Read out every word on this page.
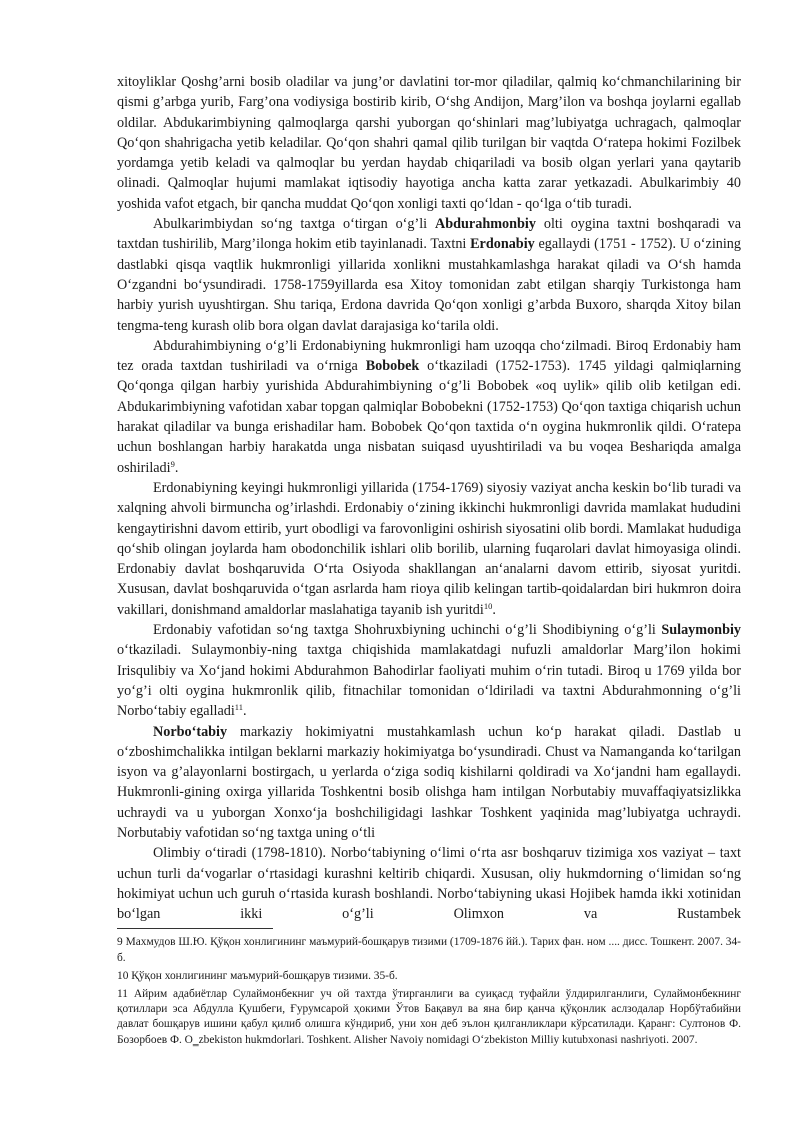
xitoyliklar Qoshg’arni bosib oladilar va jung’or davlatini tor-mor qiladilar, qalmiq ko‘chmanchilarining bir qismi g’arbga yurib, Farg’ona vodiysiga bostirib kirib, O‘shg Andijon, Marg’ilon va boshqa joylarni egallab oldilar. Abdukarimbiyning qalmoqlarga qarshi yuborgan qo‘shinlari mag’lubiyatga uchragach, qalmoqlar Qo‘qon shahrigacha yetib keladilar. Qo‘qon shahri qamal qilib turilgan bir vaqtda O‘ratepa hokimi Fozilbek yordamga yetib keladi va qalmoqlar bu yerdan haydab chiqariladi va bosib olgan yerlari yana qaytarib olinadi. Qalmoqlar hujumi mamlakat iqtisodiy hayotiga ancha katta zarar yetkazadi. Abulkarimbiy 40 yoshida vafot etgach, bir qancha muddat Qo‘qon xonligi taxti qo‘ldan - qo‘lga o‘tib turadi.

Abulkarimbiydan so‘ng taxtga o‘tirgan o‘g’li Abdurahmonbiy olti oygina taxtni boshqaradi va taxtdan tushirilib, Marg’ilonga hokim etib tayinlanadi. Taxtni Erdonabiy egallaydi (1751 - 1752). U o‘zining dastlabki qisqa vaqtlik hukmronligi yillarida xonlikni mustahkamlashga harakat qiladi va O‘sh hamda O‘zgandni bo‘ysundiradi. 1758-1759yillarda esa Xitoy tomonidan zabt etilgan sharqiy Turkistonga ham harbiy yurish uyushtirgan. Shu tariqa, Erdona davrida Qo‘qon xonligi g’arbda Buxoro, sharqda Xitoy bilan tengma-teng kurash olib bora olgan davlat darajasiga ko‘tarila oldi.

Abdurahimbiyning o‘g’li Erdonabiyning hukmronligi ham uzoqqa cho‘zilmadi. Biroq Erdonabiy ham tez orada taxtdan tushiriladi va o‘rniga Bobobek o‘tkaziladi (1752-1753). 1745 yildagi qalmiqlarning Qo‘qonga qilgan harbiy yurishida Abdurahimbiyning o‘g’li Bobobek «oq uylik» qilib olib ketilgan edi. Abdukarimbiyning vafotidan xabar topgan qalmiqlar Bobobekni (1752-1753) Qo‘qon taxtiga chiqarish uchun harakat qiladilar va bunga erishadilar ham. Bobobek Qo‘qon taxtida o‘n oygina hukmronlik qildi. O‘ratepa uchun boshlangan harbiy harakatda unga nisbatan suiqasd uyushtiriladi va bu voqea Beshariqda amalga oshiriladi$^9$.

Erdonabiyning keyingi hukmronligi yillarida (1754-1769) siyosiy vaziyat ancha keskin bo‘lib turadi va xalqning ahvoli birmuncha og’irlashdi. Erdonabiy o‘zining ikkinchi hukmronligi davrida mamlakat hududini kengaytirishni davom ettirib, yurt obodligi va farovonligini oshirish siyosatini olib bordi. Mamlakat hududiga qo‘shib olingan joylarda ham obodonchilik ishlari olib borilib, ularning fuqarolari davlat himoyasiga olindi. Erdonabiy davlat boshqaruvida O‘rta Osiyoda shakllangan an‘analarni davom ettirib, siyosat yuritdi. Xususan, davlat boshqaruvida o‘tgan asrlarda ham rioya qilib kelingan tartib-qoidalardan biri hukmron doira vakillari, donishmand amaldorlar maslahatiga tayanib ish yuritdi$^{10}$.

Erdonabiy vafotidan so‘ng taxtga Shohruxbiyning uchinchi o‘g’li Shodibiyning o‘g’li Sulaymonbiy o‘tkaziladi. Sulaymonbiy-ning taxtga chiqishida mamlakatdagi nufuzli amaldorlar Marg’ilon hokimi Irisqulibiy va Xo‘jand hokimi Abdurahmon Bahodirlar faoliyati muhim o‘rin tutadi. Biroq u 1769 yilda bor yo‘g’i olti oygina hukmronlik qilib, fitnachilar tomonidan o‘ldiriladi va taxtni Abdurahmonning o‘g’li Norbo‘tabiy egalladi$^{11}$.

Norbo‘tabiy markaziy hokimiyatni mustahkamlash uchun ko‘p harakat qiladi. Dastlab u o‘zboshimchalikka intilgan beklarni markaziy hokimiyatga bo‘ysundiradi. Chust va Namanganda ko‘tarilgan isyon va g’alayonlarni bostirgach, u yerlarda o‘ziga sodiq kishilarni qoldiradi va Xo‘jandni ham egallaydi. Hukmronli-gining oxirga yillarida Toshkentni bosib olishga ham intilgan Norbutabiy muvaffaqiyatsizlikka uchraydi va u yuborgan Xonxo‘ja boshchiligidagi lashkar Toshkent yaqinida mag’lubiyatga uchraydi. Norbutabiy vafotidan so‘ng taxtga uning o‘tli

Olimbiy o‘tiradi (1798-1810). Norbo‘tabiyning o‘limi o‘rta asr boshqaruv tizimiga xos vaziyat – taxt uchun turli da‘vogarlar o‘rtasidagi kurashni keltirib chiqardi. Xususan, oliy hukmdorning o‘limidan so‘ng hokimiyat uchun uch guruh o‘rtasida kurash boshlandi. Norbo‘tabiyning ukasi Hojibek hamda ikki xotinidan bo‘lgan ikki o‘g’li Olimxon va Rustambek

9 Махмудов Ш.Ю. Қўқон хонлигининг маъмурий-бошқарув тизими (1709-1876 йй.). Тарих фан. ном .... дисс. Тошкент. 2007. 34-б.
10 Қўқон хонлигининг маъмурий-бошқарув тизими. 35-б.
11 Айрим адабиётлар Сулаймонбекниг уч ой тахтда ўтирганлиги ва суиқасд туфайли ўлдирилганлиги, Сулаймонбекнинг қотиллари эса Абдулла Қушбеги, Ғурумсарой ҳокими Ўтов Бақавул ва яна бир қанча қўқонлик аслзодалар Норбўтабийни давлат бошқарув ишини қабул қилиб олишга кўндириб, уни хон деб эълон қилганликлари кўрсатилади. Қаранг: Султонов Ф. Бозорбоев Ф. O‗zbekiston hukmdorlari. Toshkent. Alisher Navoiy nomidagi O‘zbekiston Milliy kutubxonasi nashriyoti. 2007.
